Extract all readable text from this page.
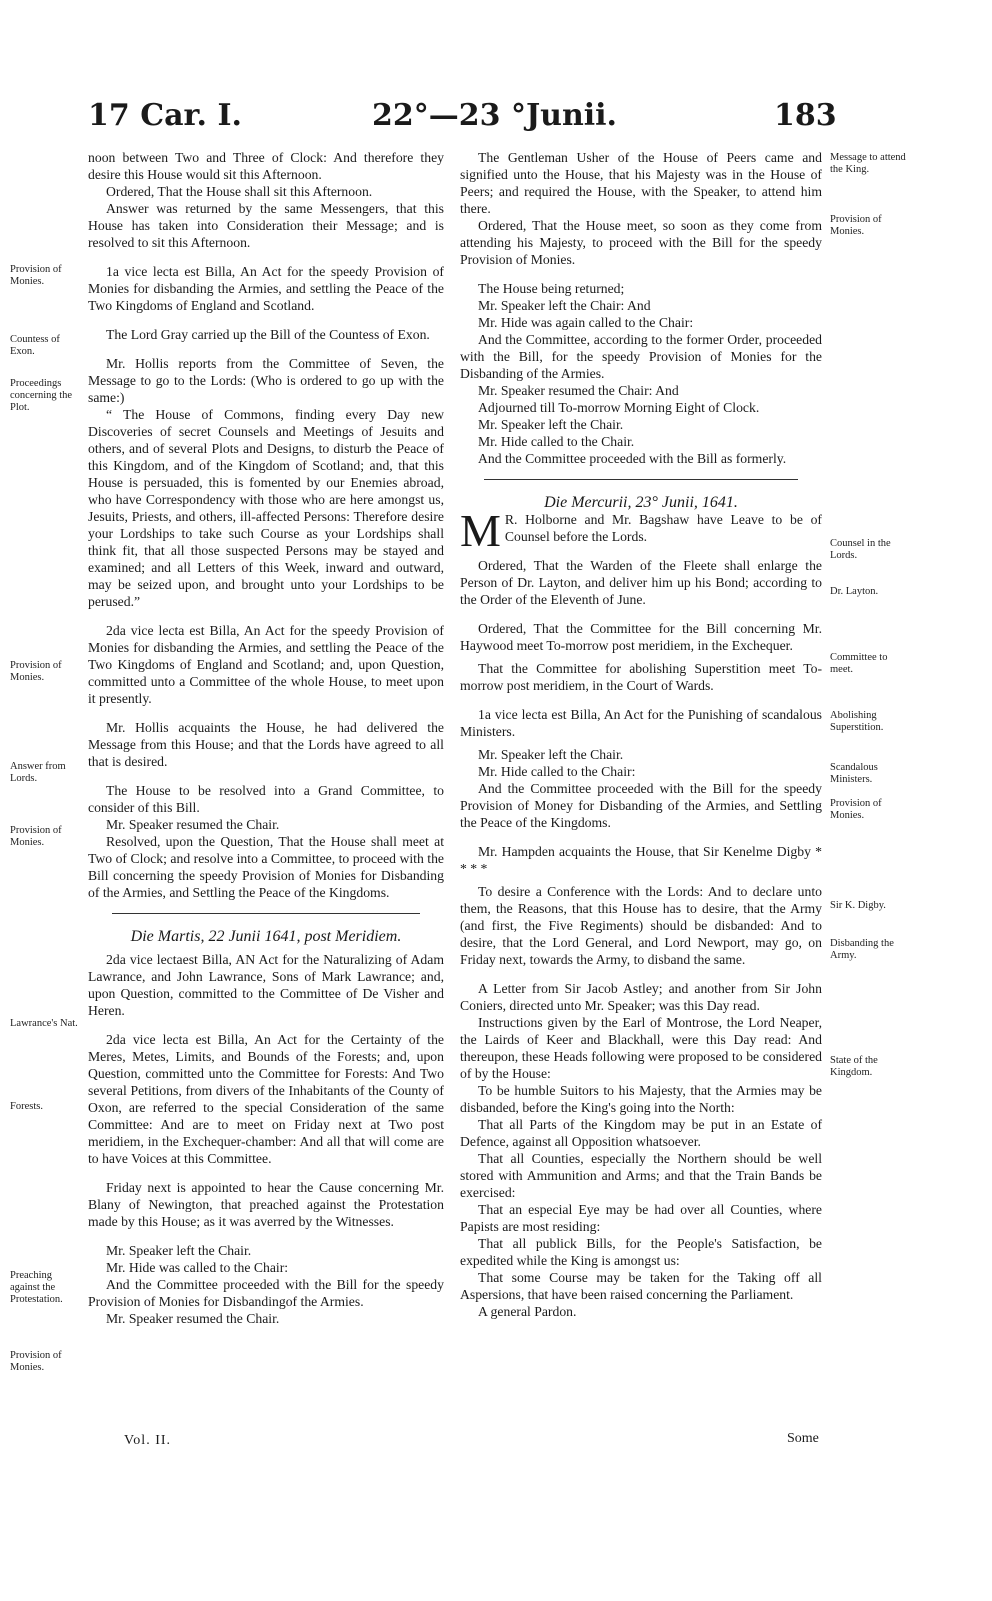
17 Car. I.	22°—23 °Junii.	183

noon between Two and Three of Clock: And therefore they desire this House would sit this Afternoon.

Ordered, That the House shall sit this Afternoon.

Answer was returned by the same Messengers, that this House has taken into Consideration their Message; and is resolved to sit this Afternoon.

1a vice lecta est Billa, An Act for the speedy Provision of Monies for disbanding the Armies, and settling the Peace of the Two Kingdoms of England and Scotland.

The Lord Gray carried up the Bill of the Countess of Exon.

Mr. Hollis reports from the Committee of Seven, the Message to go to the Lords: (Who is ordered to go up with the same:)

“ The House of Commons, finding every Day new Discoveries of secret Counsels and Meetings of Jesuits and others, and of several Plots and Designs, to disturb the Peace of this Kingdom, and of the Kingdom of Scotland; and, that this House is persuaded, this is fomented by our Enemies abroad, who have Correspondency with those who are here amongst us, Jesuits, Priests, and others, ill-affected Persons: Therefore desire your Lordships to take such Course as your Lordships shall think fit, that all those suspected Persons may be stayed and examined; and all Letters of this Week, inward and outward, may be seized upon, and brought unto your Lordships to be perused.”

2da vice lecta est Billa, An Act for the speedy Provision of Monies for disbanding the Armies, and settling the Peace of the Two Kingdoms of England and Scotland; and, upon Question, committed unto a Committee of the whole House, to meet upon it presently.

Mr. Hollis acquaints the House, he had delivered the Message from this House; and that the Lords have agreed to all that is desired.

The House to be resolved into a Grand Committee, to consider of this Bill.

Mr. Speaker resumed the Chair.

Resolved, upon the Question, That the House shall meet at Two of Clock; and resolve into a Committee, to proceed with the Bill concerning the speedy Provision of Monies for Disbanding of the Armies, and Settling the Peace of the Kingdoms.

Die Martis, 22 Junii 1641, post Meridiem.

2da vice lectaest Billa, AN Act for the Naturalizing of Adam Lawrance, and John Lawrance, Sons of Mark Lawrance; and, upon Question, committed to the Committee of De Visher and Heren.

2da vice lecta est Billa, An Act for the Certainty of the Meres, Metes, Limits, and Bounds of the Forests; and, upon Question, committed unto the Committee for Forests: And Two several Petitions, from divers of the Inhabitants of the County of Oxon, are referred to the special Consideration of the same Committee: And are to meet on Friday next at Two post meridiem, in the Exchequer-chamber: And all that will come are to have Voices at this Committee.

Friday next is appointed to hear the Cause concerning Mr. Blany of Newington, that preached against the Protestation made by this House; as it was averred by the Witnesses.

Mr. Speaker left the Chair.

Mr. Hide was called to the Chair:

And the Committee proceeded with the Bill for the speedy Provision of Monies for Disbandingof the Armies.

Mr. Speaker resumed the Chair.

The Gentleman Usher of the House of Peers came and signified unto the House, that his Majesty was in the House of Peers; and required the House, with the Speaker, to attend him there.

Ordered, That the House meet, so soon as they come from attending his Majesty, to proceed with the Bill for the speedy Provision of Monies.

The House being returned;

Mr. Speaker left the Chair: And

Mr. Hide was again called to the Chair:

And the Committee, according to the former Order, proceeded with the Bill, for the speedy Provision of Monies for the Disbanding of the Armies.

Mr. Speaker resumed the Chair: And

Adjourned till To-morrow Morning Eight of Clock.

Mr. Speaker left the Chair.

Mr. Hide called to the Chair.

And the Committee proceeded with the Bill as formerly.

Die Mercurii, 23° Junii, 1641.

M R. Holborne and Mr. Bagshaw have Leave to be of Counsel before the Lords.

Ordered, That the Warden of the Fleete shall enlarge the Person of Dr. Layton, and deliver him up his Bond; according to the Order of the Eleventh of June.

Ordered, That the Committee for the Bill concerning Mr. Haywood meet To-morrow post meridiem, in the Exchequer.

That the Committee for abolishing Superstition meet To-morrow post meridiem, in the Court of Wards.

1a vice lecta est Billa, An Act for the Punishing of scandalous Ministers.

Mr. Speaker left the Chair.

Mr. Hide called to the Chair:

And the Committee proceeded with the Bill for the speedy Provision of Money for Disbanding of the Armies, and Settling the Peace of the Kingdoms.

Mr. Hampden acquaints the House, that Sir Kenelme Digby * * * *

To desire a Conference with the Lords: And to declare unto them, the Reasons, that this House has to desire, that the Army (and first, the Five Regiments) should be disbanded: And to desire, that the Lord General, and Lord Newport, may go, on Friday next, towards the Army, to disband the same.

A Letter from Sir Jacob Astley; and another from Sir John Coniers, directed unto Mr. Speaker; was this Day read.

Instructions given by the Earl of Montrose, the Lord Neaper, the Lairds of Keer and Blackhall, were this Day read: And thereupon, these Heads following were proposed to be considered of by the House:

To be humble Suitors to his Majesty, that the Armies may be disbanded, before the King's going into the North:

That all Parts of the Kingdom may be put in an Estate of Defence, against all Opposition whatsoever.

That all Counties, especially the Northern should be well stored with Ammunition and Arms; and that the Train Bands be exercised:

That an especial Eye may be had over all Counties, where Papists are most residing:

That all publick Bills, for the People's Satisfaction, be expedited while the King is amongst us:

That some Course may be taken for the Taking off all Aspersions, that have been raised concerning the Parliament.

A general Pardon.

Provision of Monies.
Countess of Exon.
Proceedings concerning the Plot.
Provision of Monies.
Answer from Lords.
Provision of Monies.
Lawrance's Nat.
Forests.
Preaching against the Protestation.
Provision of Monies.
Message to attend the King.
Provision of Monies.
Counsel in the Lords.
Dr. Layton.
Committee to meet.
Abolishing Superstition.
Scandalous Ministers.
Provision of Monies.
Sir K. Digby.
Disbanding the Army.
State of the Kingdom.
Vol. II.	Some
